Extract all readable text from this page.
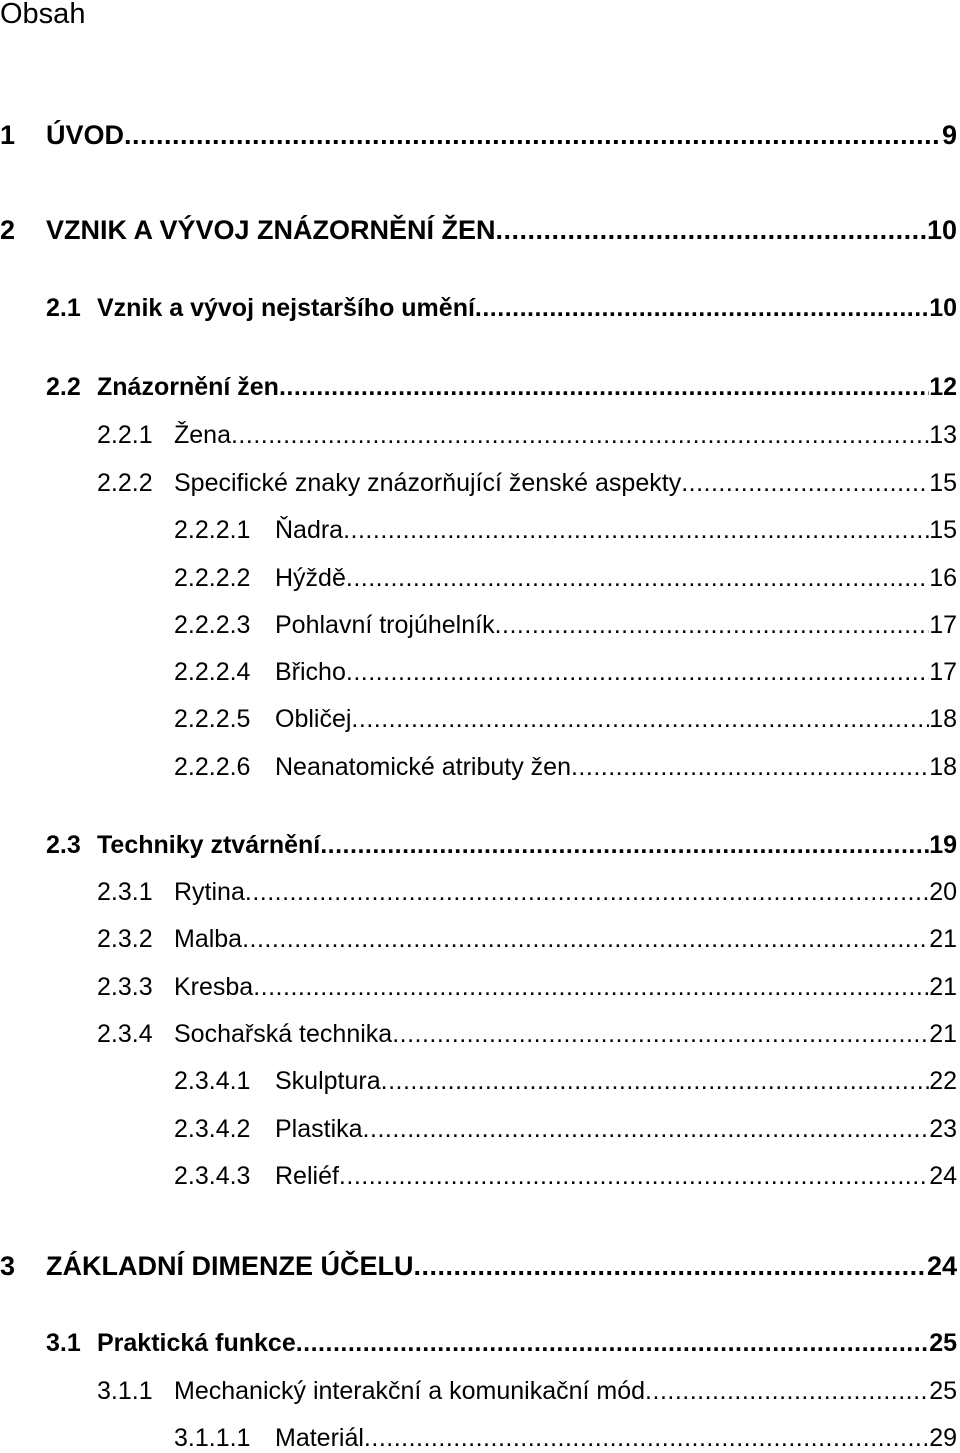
Obsah
1	ÚVOD .....	9
2	VZNIK A VÝVOJ ZNÁZORNĚNÍ ŽEN .....	10
2.1 Vznik a vývoj nejstaršího umění .....	10
2.2 Znázornění žen .....	12
2.2.1 Žena .....	13
2.2.2 Specifické znaky znázorňující ženské aspekty .....	15
2.2.2.1 Ňadra .....	15
2.2.2.2 Hýždě .....	16
2.2.2.3 Pohlavní trojúhelník .....	17
2.2.2.4 Břicho .....	17
2.2.2.5 Obličej .....	18
2.2.2.6 Neanatomické atributy žen .....	18
2.3 Techniky ztvárnění .....	19
2.3.1 Rytina .....	20
2.3.2 Malba .....	21
2.3.3 Kresba .....	21
2.3.4 Sochařská technika .....	21
2.3.4.1 Skulptura .....	22
2.3.4.2 Plastika .....	23
2.3.4.3 Reliéf .....	24
3	ZÁKLADNÍ DIMENZE ÚČELU .....	24
3.1 Praktická funkce .....	25
3.1.1 Mechanický interakční a komunikační mód .....	25
3.1.1.1 Materiál .....	29
